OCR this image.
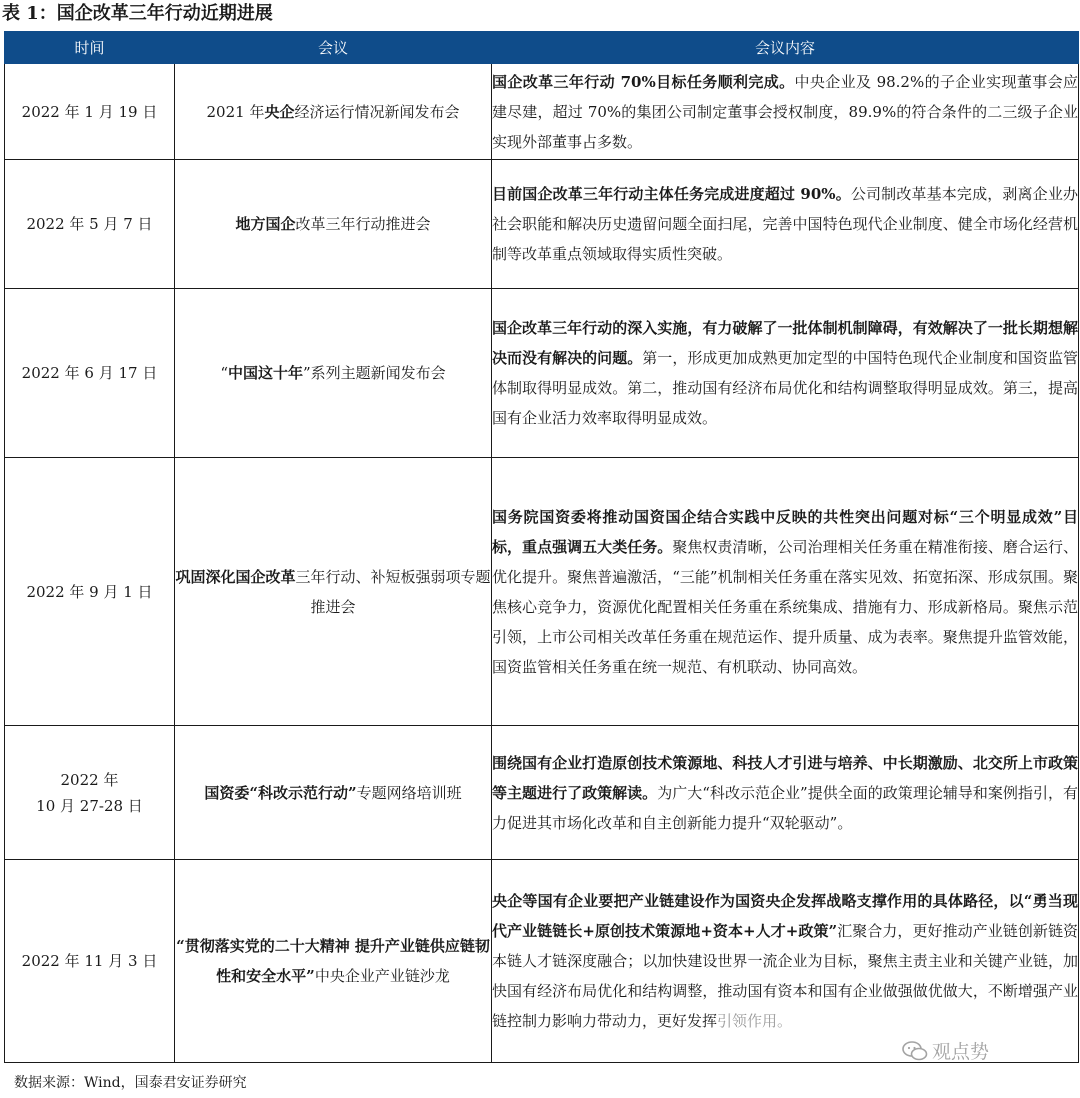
表 1：国企改革三年行动近期进展
时间	会议	会议内容
2022 年 1 月 19 日	2021 年央企经济运行情况新闻发布会	国企改革三年行动 70%目标任务顺利完成。中央企业及 98.2%的子企业实现董事会应建尽建，超过 70%的集团公司制定董事会授权制度，89.9%的符合条件的二三级子企业实现外部董事占多数。
2022 年 5 月 7 日	地方国企改革三年行动推进会	目前国企改革三年行动主体任务完成进度超过 90%。公司制改革基本完成，剥离企业办社会职能和解决历史遗留问题全面扫尾，完善中国特色现代企业制度、健全市场化经营机制等改革重点领域取得实质性突破。
2022 年 6 月 17 日	“中国这十年”系列主题新闻发布会	国企改革三年行动的深入实施，有力破解了一批体制机制障碍，有效解决了一批长期想解决而没有解决的问题。第一，形成更加成熟更加定型的中国特色现代企业制度和国资监管体制取得明显成效。第二，推动国有经济布局优化和结构调整取得明显成效。第三，提高国有企业活力效率取得明显成效。
2022 年 9 月 1 日	巩固深化国企改革三年行动、补短板强弱项专题推进会	国务院国资委将推动国资国企结合实践中反映的共性突出问题对标“三个明显成效”目标，重点强调五大类任务。聚焦权责清晰，公司治理相关任务重在精准衔接、磨合运行、优化提升。聚焦普遍激活，“三能”机制相关任务重在落实见效、拓宽拓深、形成氛围。聚焦核心竞争力，资源优化配置相关任务重在系统集成、措施有力、形成新格局。聚焦示范引领，上市公司相关改革任务重在规范运作、提升质量、成为表率。聚焦提升监管效能，国资监管相关任务重在统一规范、有机联动、协同高效。

2022 年
10 月 27-28 日	国资委“科改示范行动”专题网络培训班	围绕国有企业打造原创技术策源地、科技人才引进与培养、中长期激励、北交所上市政策等主题进行了政策解读。为广大“科改示范企业”提供全面的政策理论辅导和案例指引，有力促进其市场化改革和自主创新能力提升“双轮驱动”。
2022 年 11 月 3 日	“贯彻落实党的二十大精神 提升产业链供应链韧性和安全水平”中央企业产业链沙龙	央企等国有企业要把产业链建设作为国资央企发挥战略支撑作用的具体路径，以“勇当现代产业链链长+原创技术策源地+资本+人才+政策”汇聚合力，更好推动产业链创新链资本链人才链深度融合；以加快建设世界一流企业为目标，聚焦主责主业和关键产业链，加快国有经济布局优化和结构调整，推动国有资本和国有企业做强做优做大，不断增强产业链控制力影响力带动力，更好发挥引领作用。
观点势
数据来源：Wind，国泰君安证券研究
